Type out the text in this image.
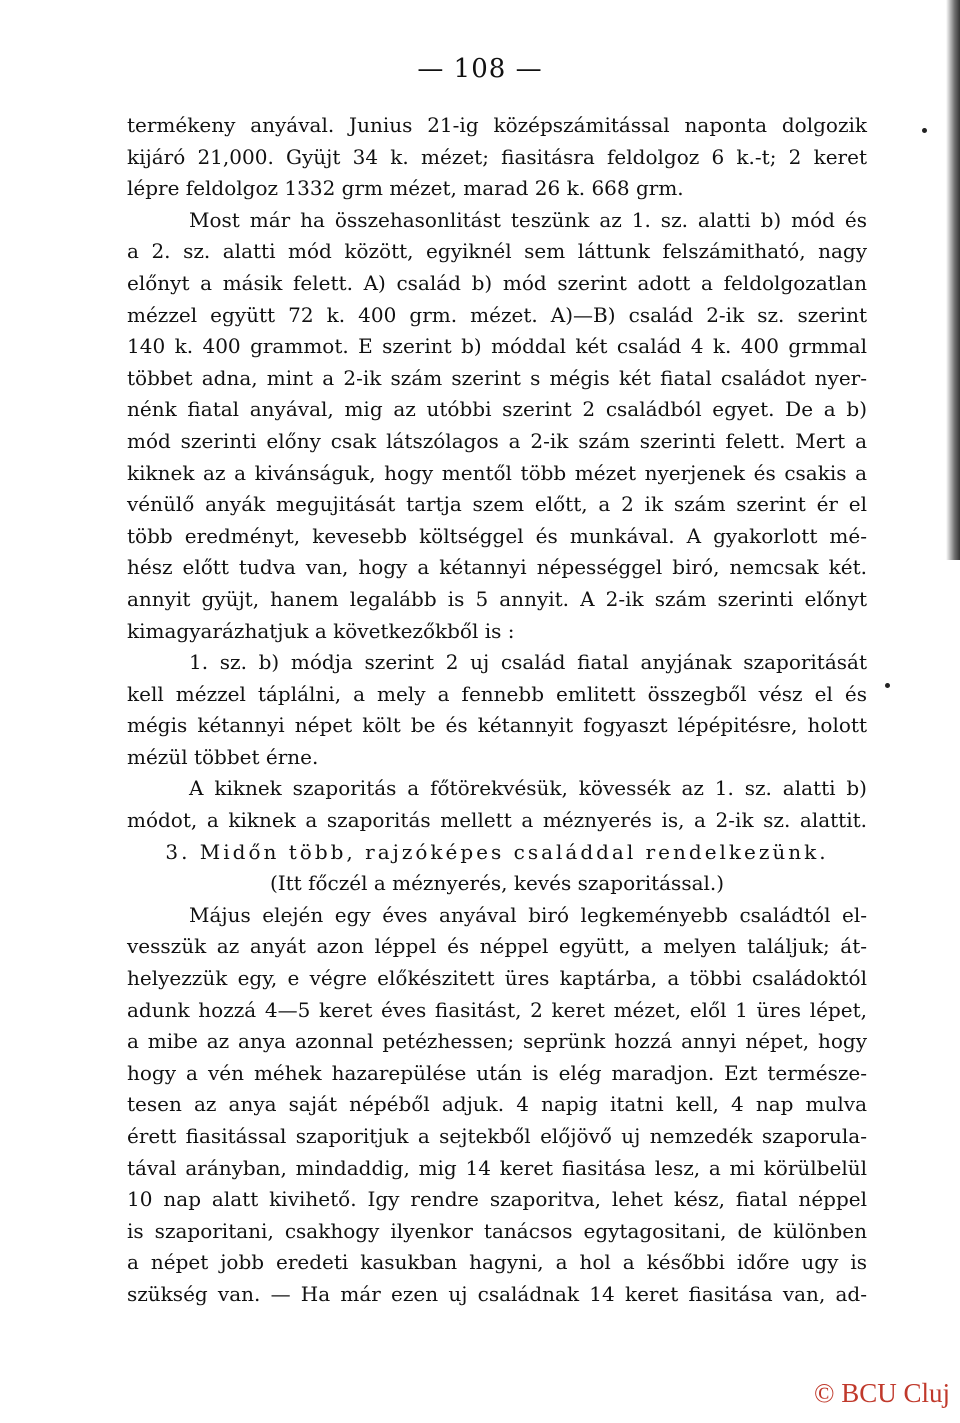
— 108 —
termékeny anyával. Junius 21-ig középszámitással naponta dolgozik
kijáró 21,000. Gyüjt 34 k. mézet; fiasitásra feldolgoz 6 k.-t; 2 keret
lépre feldolgoz 1332 grm mézet, marad 26 k. 668 grm.
Most már ha összehasonlitást teszünk az 1. sz. alatti b) mód és
a 2. sz. alatti mód között, egyiknél sem láttunk felszámitható, nagy
előnyt a másik felett. A) család b) mód szerint adott a feldolgozatlan
mézzel együtt 72 k. 400 grm. mézet. A)—B) család 2-ik sz. szerint
140 k. 400 grammot. E szerint b) móddal két család 4 k. 400 grmmal
többet adna, mint a 2-ik szám szerint s mégis két fiatal családot nyer-
nénk fiatal anyával, mig az utóbbi szerint 2 családból egyet. De a b)
mód szerinti előny csak látszólagos a 2-ik szám szerinti felett. Mert a
kiknek az a kivánságuk, hogy mentől több mézet nyerjenek és csakis a
vénülő anyák megujitását tartja szem előtt, a 2 ik szám szerint ér el
több eredményt, kevesebb költséggel és munkával. A gyakorlott mé-
hész előtt tudva van, hogy a kétannyi népességgel biró, nemcsak két.
annyit gyüjt, hanem legalább is 5 annyit. A 2-ik szám szerinti előnyt
kimagyarázhatjuk a következőkből is :
1. sz. b) módja szerint 2 uj család fiatal anyjának szaporitását
kell mézzel táplálni, a mely a fennebb emlitett összegből vész el és
mégis kétannyi népet költ be és kétannyit fogyaszt lépépitésre, holott
mézül többet érne.
A kiknek szaporitás a főtörekvésük, kövessék az 1. sz. alatti b)
módot, a kiknek a szaporitás mellett a méznyerés is, a 2-ik sz. alattit.
3. Midőn több, rajzóképes családdal rendelkezünk.
(Itt főczél a méznyerés, kevés szaporitással.)
Május elején egy éves anyával biró legkeményebb családtól el-
vesszük az anyát azon léppel és néppel együtt, a melyen találjuk; át-
helyezzük egy, e végre előkészitett üres kaptárba, a többi családoktól
adunk hozzá 4—5 keret éves fiasitást, 2 keret mézet, elől 1 üres lépet,
a mibe az anya azonnal petézhessen; seprünk hozzá annyi népet, hogy
hogy a vén méhek hazarepülése után is elég maradjon. Ezt természe-
tesen az anya saját népéből adjuk. 4 napig itatni kell, 4 nap mulva
érett fiasitással szaporitjuk a sejtekből előjövő uj nemzedék szaporula-
tával arányban, mindaddig, mig 14 keret fiasitása lesz, a mi körülbelül
10 nap alatt kivihető. Igy rendre szaporitva, lehet kész, fiatal néppel
is szaporitani, csakhogy ilyenkor tanácsos egytagositani, de különben
a népet jobb eredeti kasukban hagyni, a hol a későbbi időre ugy is
szükség van. — Ha már ezen uj családnak 14 keret fiasitása van, ad-
© BCU Cluj
